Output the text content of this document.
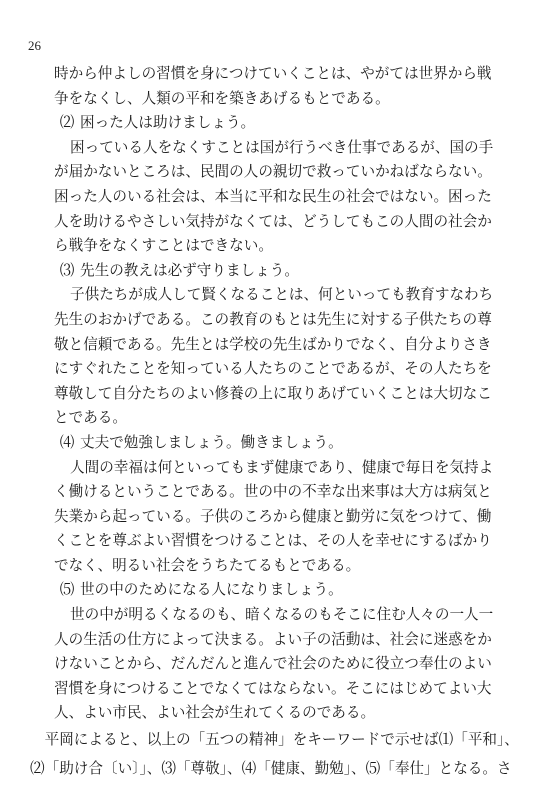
26
時から仲よしの習慣を身につけていくことは、やがては世界から戦
争をなくし、人類の平和を築きあげるもとである。
⑵ 困った人は助けましょう。
困っている人をなくすことは国が行うべき仕事であるが、国の手
が届かないところは、民間の人の親切で救っていかねばならない。
困った人のいる社会は、本当に平和な民生の社会ではない。困った
人を助けるやさしい気持がなくては、どうしてもこの人間の社会か
ら戦争をなくすことはできない。
⑶ 先生の教えは必ず守りましょう。
子供たちが成人して賢くなることは、何といっても教育すなわち
先生のおかげである。この教育のもとは先生に対する子供たちの尊
敬と信頼である。先生とは学校の先生ばかりでなく、自分よりさき
にすぐれたことを知っている人たちのことであるが、その人たちを
尊敬して自分たちのよい修養の上に取りあげていくことは大切なこ
とである。
⑷ 丈夫で勉強しましょう。働きましょう。
人間の幸福は何といってもまず健康であり、健康で毎日を気持よ
く働けるということである。世の中の不幸な出来事は大方は病気と
失業から起っている。子供のころから健康と勤労に気をつけて、働
くことを尊ぶよい習慣をつけることは、その人を幸せにするばかり
でなく、明るい社会をうちたてるもとである。
⑸ 世の中のためになる人になりましょう。
世の中が明るくなるのも、暗くなるのもそこに住む人々の一人一
人の生活の仕方によって決まる。よい子の活動は、社会に迷惑をか
けないことから、だんだんと進んで社会のために役立つ奉仕のよい
習慣を身につけることでなくてはならない。そこにはじめてよい大
人、よい市民、よい社会が生れてくるのである。
　平岡によると、以上の「五つの精神」をキーワードで示せば⑴「平和」、
⑵「助け合〔い〕」、⑶「尊敬」、⑷「健康、勤勉」、⑸「奉仕」となる。さ
